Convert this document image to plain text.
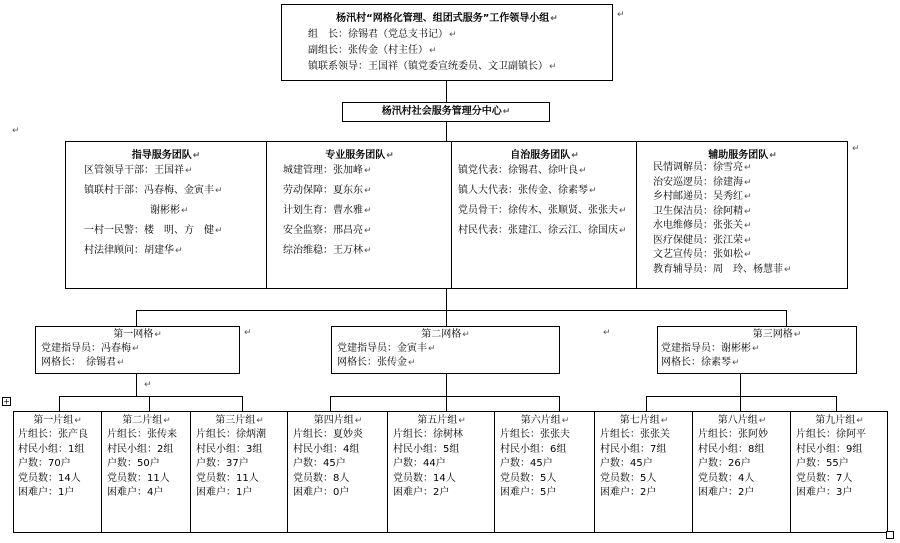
杨汛村“网格化管理、组团式服务”工作领导小组↵
组　长：徐锡君（党总支书记）↵
副组长：张传金（村主任）↵
镇联系领导：王国祥（镇党委宣统委员、文卫副镇长）↵
↵
杨汛村社会服务管理分中心↵
↵
指导服务团队↵
区管领导干部：王国祥↵
镇联村干部：冯春梅、金寅丰↵
谢彬彬↵
一村一民警：楼　明、方　健↵
村法律顾问：胡建华↵
专业服务团队↵
城建管理：张加峰↵
劳动保障：夏东东↵
计划生育：曹水雅↵
安全监察：邢昌亮↵
综治维稳：王万林↵
自治服务团队↵
镇党代表：徐锡君、徐叶良↵
镇人大代表：张传金、徐素琴↵
党员骨干：徐传木、张顺贤、张张夫↵
村民代表：张建江、徐云江、徐国庆↵
辅助服务团队↵
民情调解员：徐雪亮↵
治安巡逻员：徐建海↵
乡村邮递员：吴秀红↵
卫生保洁员：徐阿精↵
水电维修员：张张关↵
医疗保健员：张江荣↵
文艺宣传员：张如松↵
教育辅导员：周　玲、杨慧菲↵
↵
第一网格↵
党建指导员：冯春梅↵
网格长：　徐锡君↵
第二网格↵
党建指导员：金寅丰↵
网格长：张传金↵
第三网格↵
党建指导员：谢彬彬↵
网格长：徐素琴↵
↵	↵
↵
+
第一片组↵
片组长：张产良
村民小组：1组
户数：70户
党员数：14人
困难户：1户
第二片组↵
片组长：张传来
村民小组：2组
户数：50户
党员数：11人
困难户：4户
第三片组↵
片组长：徐炳潮
村民小组：3组
户数：37户
党员数：11人
困难户：1户
第四片组↵
片组长：夏妙炎
村民小组：4组
户数：45户
党员数：8人
困难户：0户
第五片组↵
片组长：徐树林
村民小组：5组
户数：44户
党员数：14人
困难户：2户
第六片组↵
片组长：张张夫
村民小组：6组
户数：45户
党员数：5人
困难户：5户
第七片组↵
片组长：张张关
村民小组：7组
户数：45户
党员数：5人
困难户：2户
第八片组↵
片组长：张阿妙
村民小组：8组
户数：26户
党员数：4人
困难户：2户
第九片组↵
片组长：徐阿平
村民小组：9组
户数：55户
党员数：7人
困难户：3户
